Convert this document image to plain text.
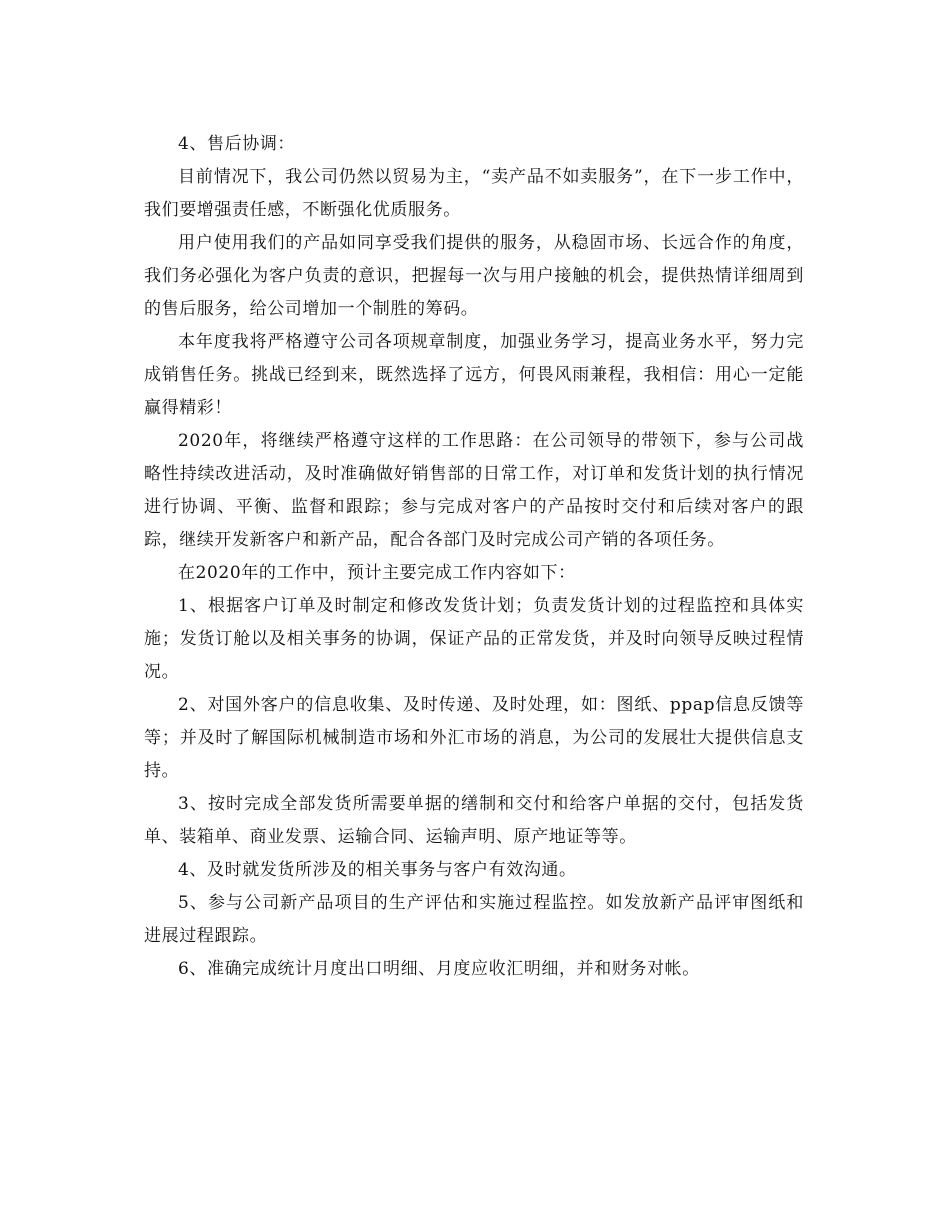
4、售后协调：

目前情况下，我公司仍然以贸易为主，“卖产品不如卖服务”，在下一步工作中，我们要增强责任感，不断强化优质服务。

用户使用我们的产品如同享受我们提供的服务，从稳固市场、长远合作的角度，我们务必强化为客户负责的意识，把握每一次与用户接触的机会，提供热情详细周到的售后服务，给公司增加一个制胜的筹码。

本年度我将严格遵守公司各项规章制度，加强业务学习，提高业务水平，努力完成销售任务。挑战已经到来，既然选择了远方，何畏风雨兼程，我相信：用心一定能赢得精彩！

2020年，将继续严格遵守这样的工作思路：在公司领导的带领下，参与公司战略性持续改进活动，及时准确做好销售部的日常工作，对订单和发货计划的执行情况进行协调、平衡、监督和跟踪；参与完成对客户的产品按时交付和后续对客户的跟踪，继续开发新客户和新产品，配合各部门及时完成公司产销的各项任务。

在2020年的工作中，预计主要完成工作内容如下：

1、根据客户订单及时制定和修改发货计划；负责发货计划的过程监控和具体实施；发货订舱以及相关事务的协调，保证产品的正常发货，并及时向领导反映过程情况。

2、对国外客户的信息收集、及时传递、及时处理，如：图纸、ppap信息反馈等等；并及时了解国际机械制造市场和外汇市场的消息，为公司的发展壮大提供信息支持。

3、按时完成全部发货所需要单据的缮制和交付和给客户单据的交付，包括发货单、装箱单、商业发票、运输合同、运输声明、原产地证等等。

4、及时就发货所涉及的相关事务与客户有效沟通。

5、参与公司新产品项目的生产评估和实施过程监控。如发放新产品评审图纸和进展过程跟踪。

6、准确完成统计月度出口明细、月度应收汇明细，并和财务对帐。
